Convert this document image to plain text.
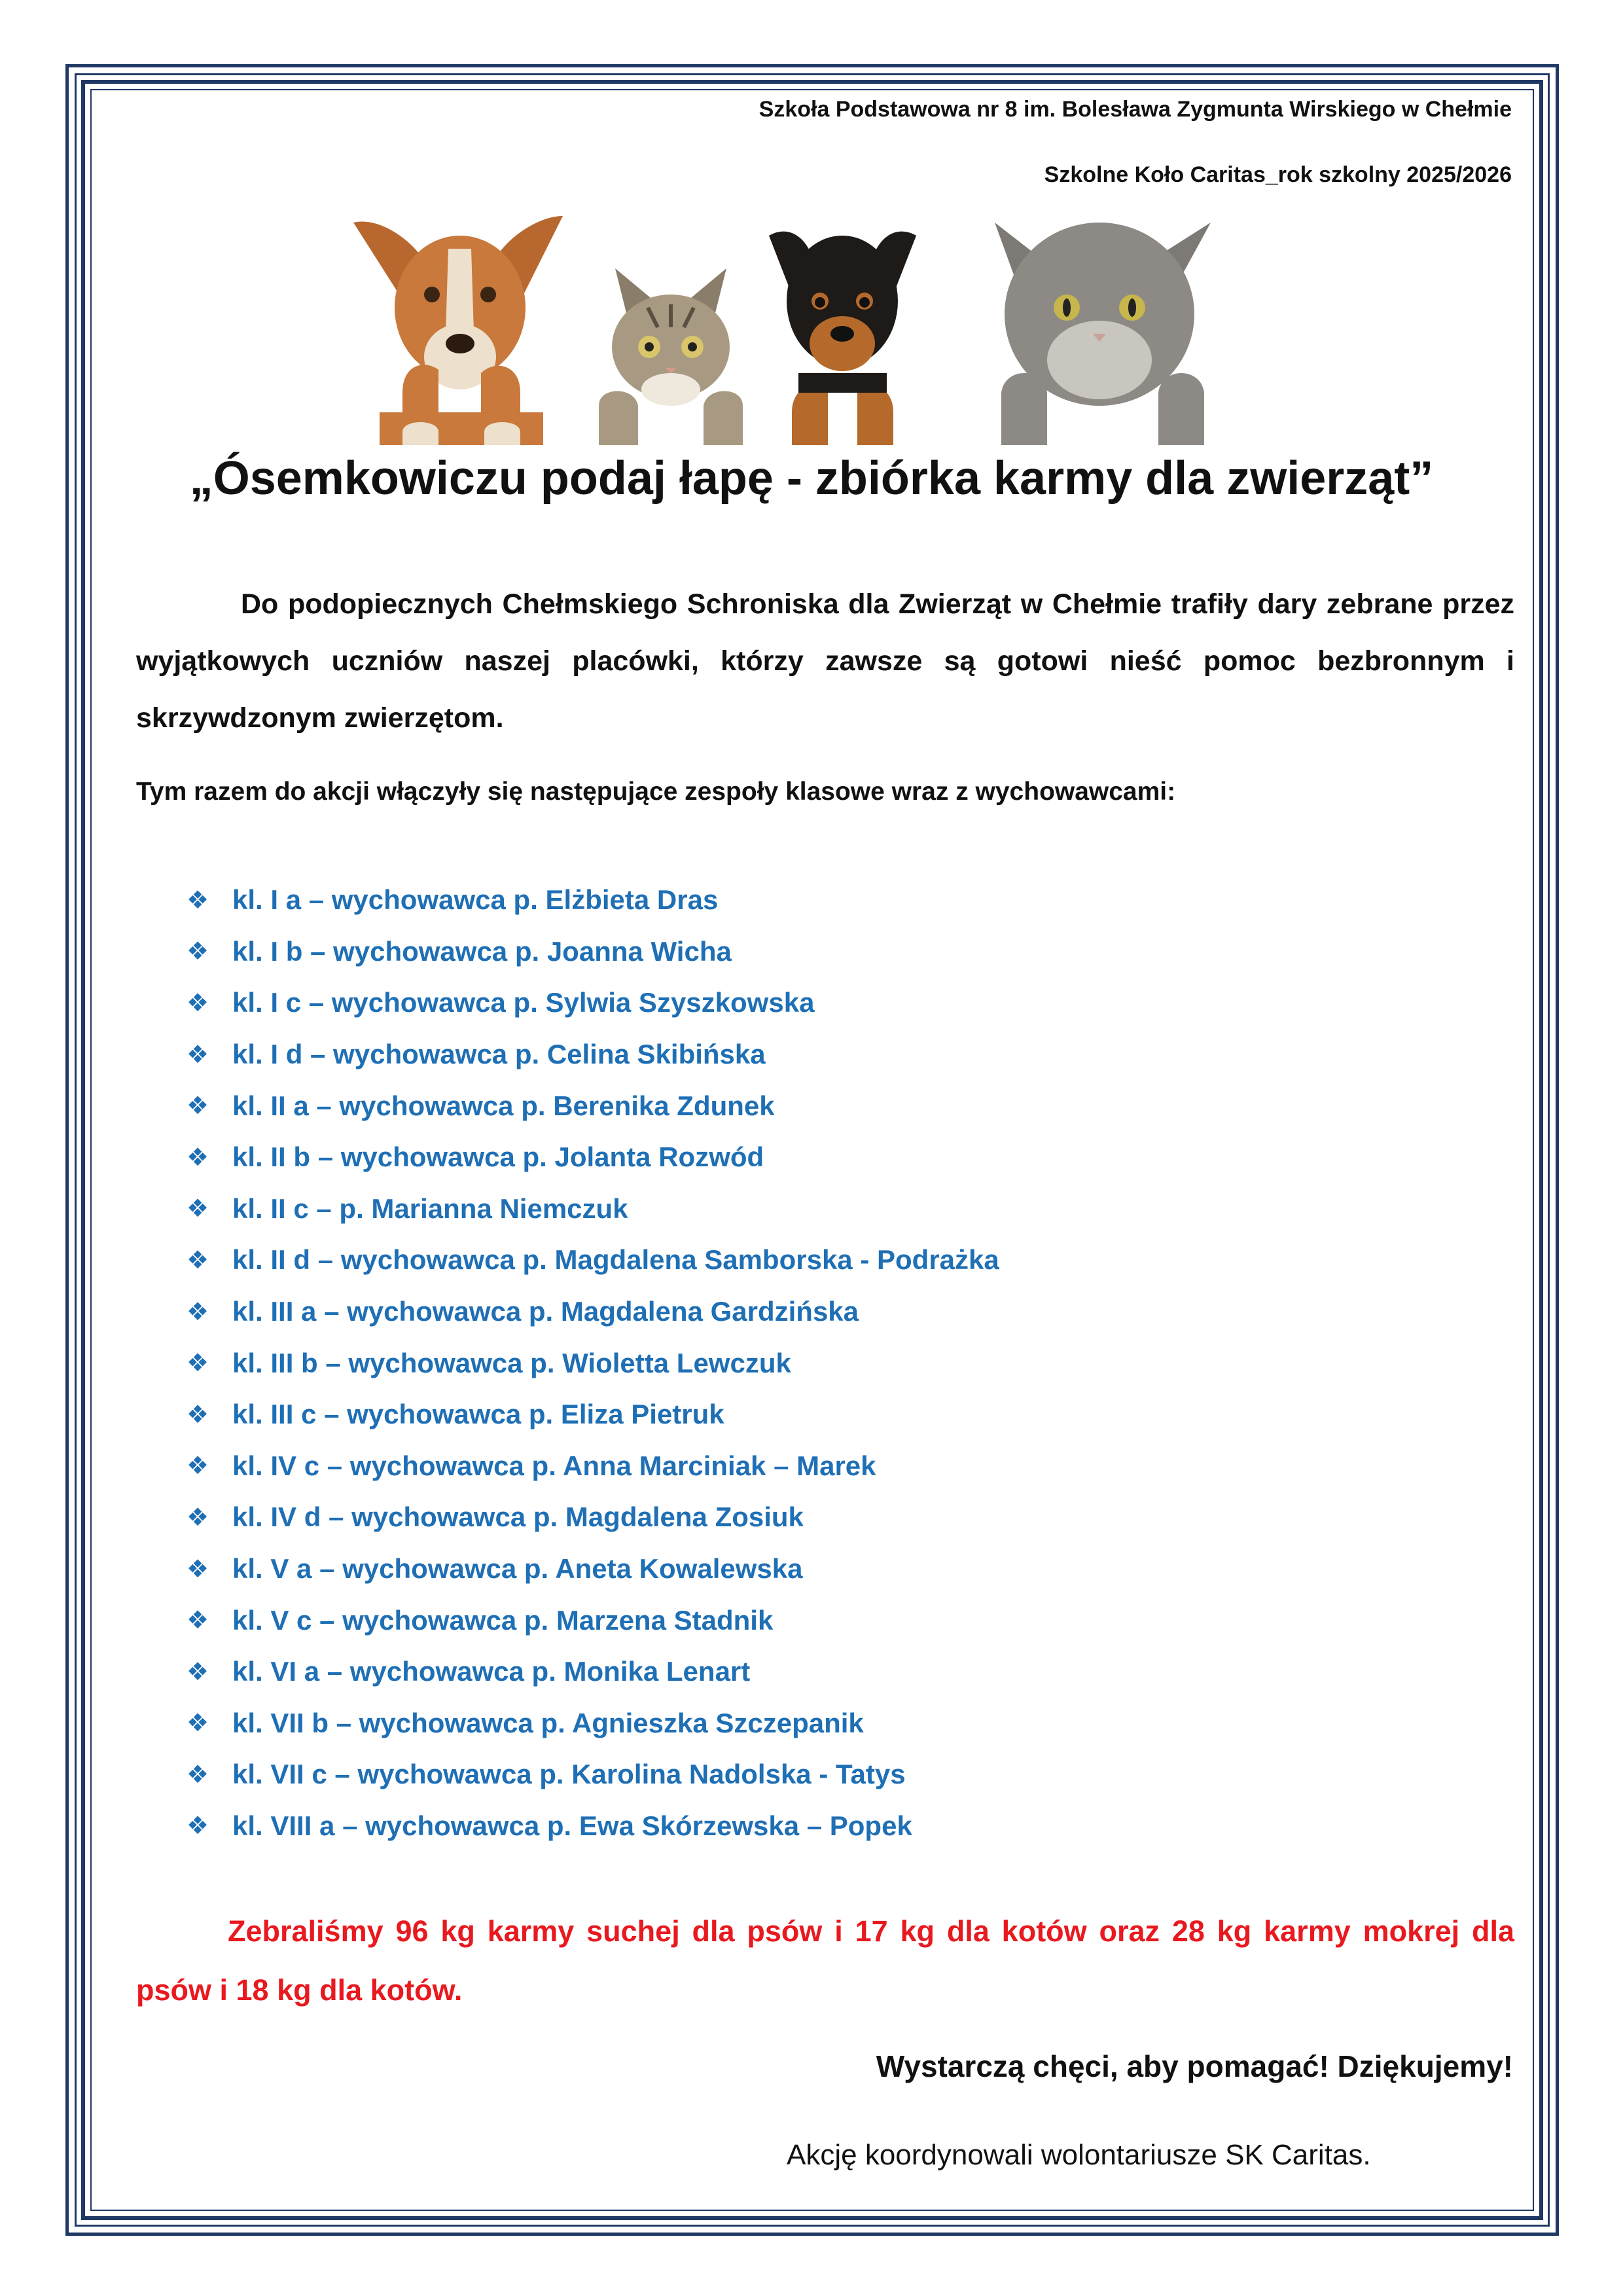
Szkoła Podstawowa nr 8 im. Bolesława Zygmunta Wirskiego w Chełmie
Szkolne Koło Caritas_rok szkolny 2025/2026
„Ósemkowiczu podaj łapę - zbiórka karmy dla zwierząt”

Do podopiecznych Chełmskiego Schroniska dla Zwierząt w Chełmie trafiły dary zebrane przez wyjątkowych uczniów naszej placówki, którzy zawsze są gotowi nieść pomoc bezbronnym i skrzywdzonym zwierzętom.

Tym razem do akcji włączyły się następujące zespoły klasowe wraz z wychowawcami:
❖ kl. I a – wychowawca p. Elżbieta Dras
❖ kl. I b – wychowawca p. Joanna Wicha
❖ kl. I c – wychowawca p. Sylwia Szyszkowska
❖ kl. I d – wychowawca p. Celina Skibińska
❖ kl. II a – wychowawca p. Berenika Zdunek
❖ kl. II b – wychowawca p. Jolanta Rozwód
❖ kl. II c – p. Marianna Niemczuk
❖ kl. II d – wychowawca p. Magdalena Samborska - Podrażka
❖ kl. III a – wychowawca p. Magdalena Gardzińska
❖ kl. III b – wychowawca p. Wioletta Lewczuk
❖ kl. III c – wychowawca p. Eliza Pietruk
❖ kl. IV c – wychowawca p. Anna Marciniak – Marek
❖ kl. IV d – wychowawca p. Magdalena Zosiuk
❖ kl. V a – wychowawca p. Aneta Kowalewska
❖ kl. V c – wychowawca p. Marzena Stadnik
❖ kl. VI a – wychowawca p. Monika Lenart
❖ kl. VII b – wychowawca p. Agnieszka Szczepanik
❖ kl. VII c – wychowawca p. Karolina Nadolska - Tatys
❖ kl. VIII a – wychowawca p. Ewa Skórzewska – Popek

Zebraliśmy 96 kg karmy suchej dla psów i 17 kg dla kotów oraz 28 kg karmy mokrej dla psów i 18 kg dla kotów.

Wystarczą chęci, aby pomagać! Dziękujemy!
Akcję koordynowali wolontariusze SK Caritas.
